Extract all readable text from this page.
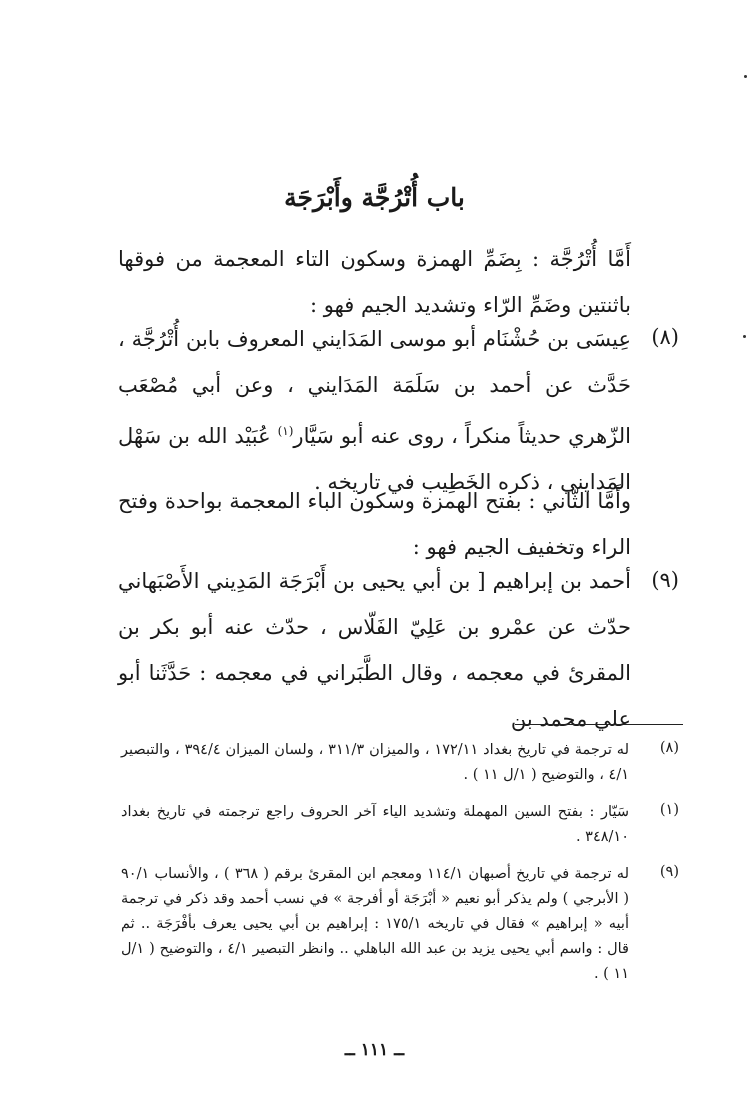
باب أُتْرُجَّة وأَبْرَجَة

أَمَّا أُتْرُجَّة : بِضَمِّ الهمزة وسكون التاء المعجمة من فوقها باثنتين وضَمِّ الرّاء وتشديد الجيم فهو :

(٨)

عِيسَى بن حُشْنَام أبو موسى المَدَايني المعروف بابن أُتْرُجَّة ، حَدَّث عن أحمد بن سَلَمَة المَدَايني ، وعن أبي مُصْعَب الزّهري حديثاً منكراً ، روى عنه أبو سَيَّار$^{(١)}$ عُبَيْد الله بن سَهْل المَدايني ، ذكره الخَطِيب في تاريخه .

وأَمَّا الثّاني : بفتح الهمزة وسكون الباء المعجمة بواحدة وفتح الراء وتخفيف الجيم فهو :

(٩)

أحمد بن إبراهيم [ بن أبي يحيى بن أَبْرَجَة المَدِيني الأَصْبَهاني حدّث عن عمْرو بن عَلِيّ الفَلّاس ، حدّث عنه أبو بكر بن المقرىٔ في معجمه ، وقال الطَّبَراني في معجمه : حَدَّثَنا أبو علي محمد بن

(٨)

له ترجمة في تاريخ بغداد ١٧٢/١١ ، والميزان ٣١١/٣ ، ولسان الميزان ٣٩٤/٤ ، والتبصير ٤/١ ، والتوضيح ( ١/ل ١١ ) .

(١)

سَيّار : بفتح السين المهملة وتشديد الياء آخر الحروف راجع ترجمته في تاريخ بغداد ٣٤٨/١٠ .

(٩)

له ترجمة في تاريخ أصبهان ١١٤/١ ومعجم ابن المقرئ برقم ( ٣٦٨ ) ، والأنساب ٩٠/١ ( الأبرجي ) ولم يذكر أبو نعيم « أبْرَجَة أو أفرجة » في نسب أحمد وقد ذكر في ترجمة أبيه « إبراهيم » فقال في تاريخه ١٧٥/١ : إبراهيم بن أبي يحيى يعرف بأفْرَجَة .. ثم قال : واسم أبي يحيى يزيد بن عبد الله الباهلي .. وانظر التبصير ٤/١ ، والتوضيح ( ١/ل ١١ ) .

ــ ١١١ ــ
